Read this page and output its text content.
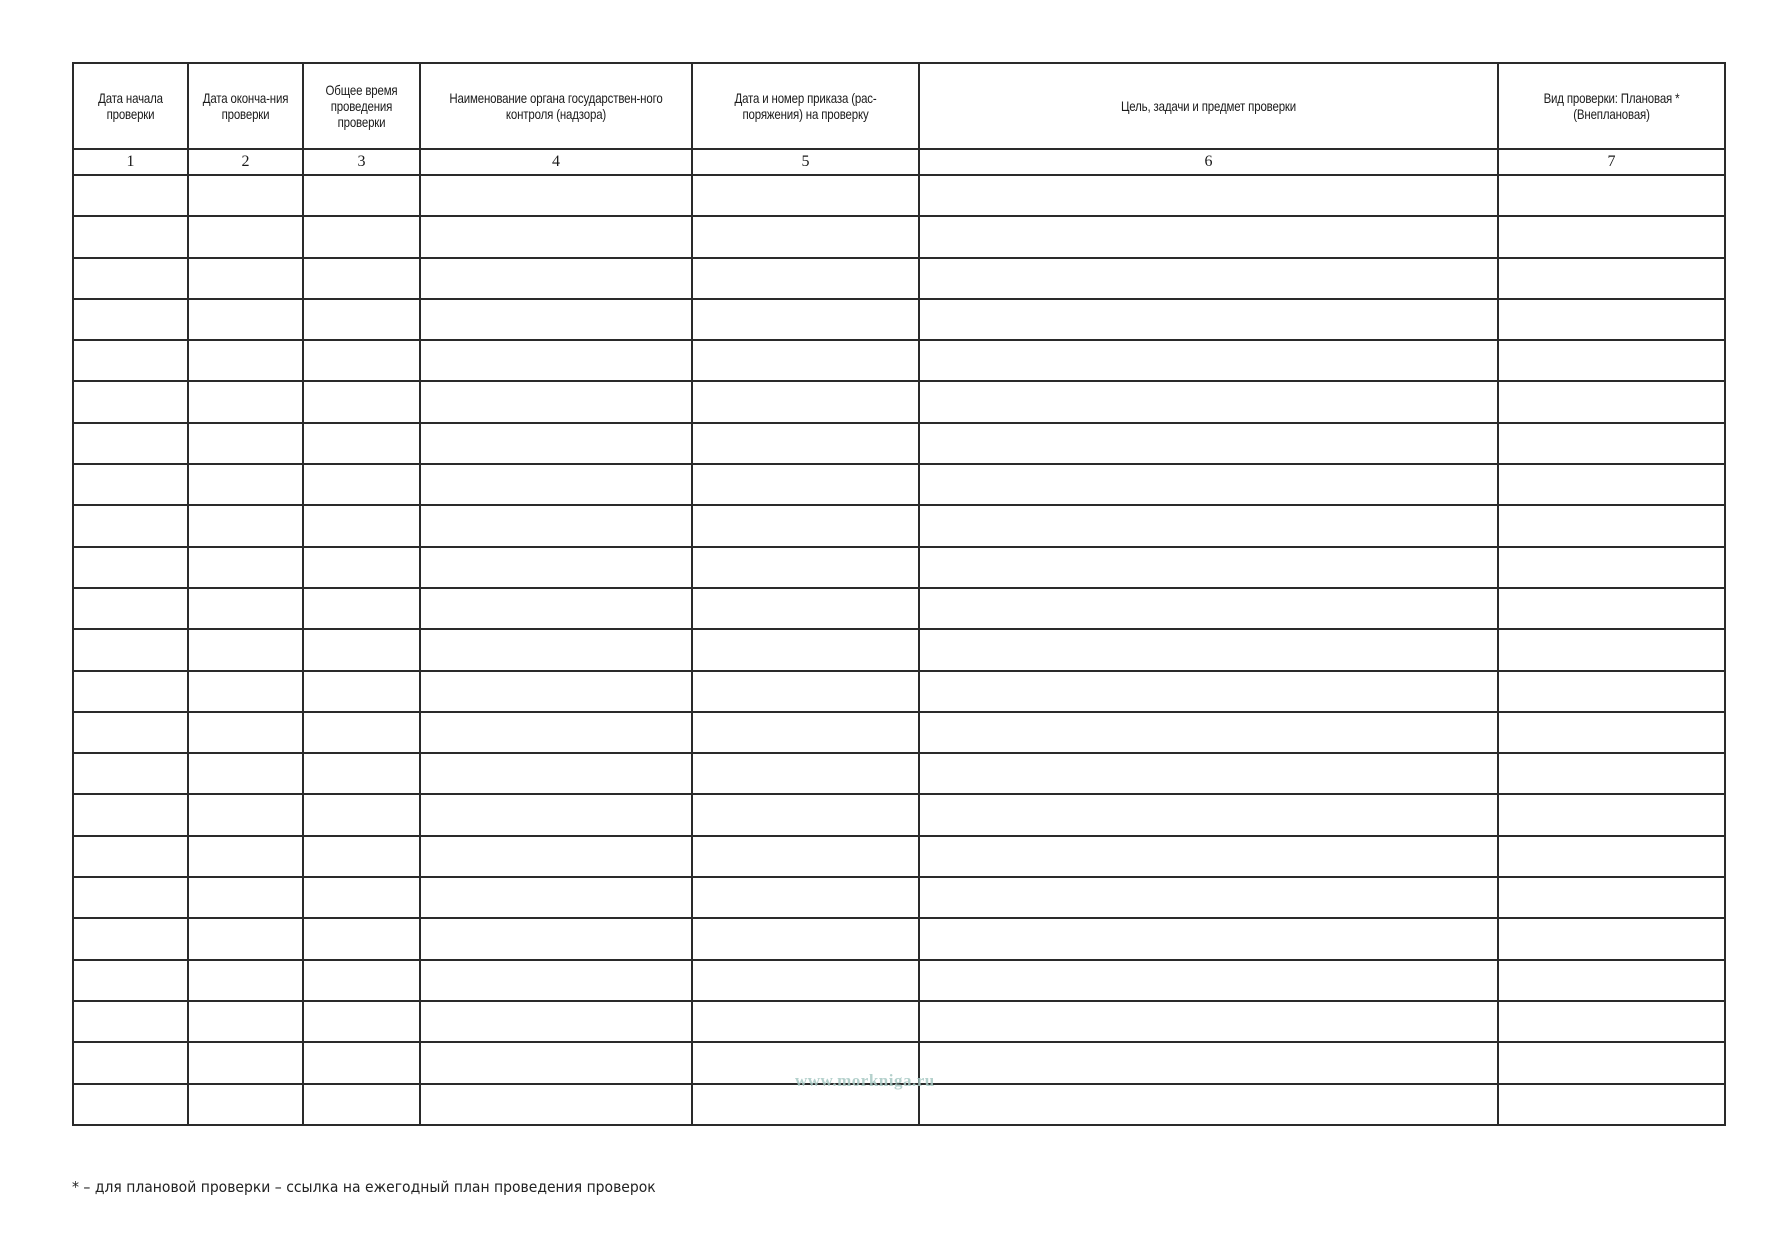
Дата начала проверки	Дата оконча-ния проверки	Общее время проведения проверки	Наименование органа государствен-ного контроля (надзора)	Дата и номер приказа (рас-поряжения) на проверку	Цель, задачи и предмет проверки	Вид проверки: Плановая * (Внеплановая)
1	2	3	4	5	6	7

www.morkniga.ru
* – для плановой проверки – ссылка на ежегодный план проведения проверок
